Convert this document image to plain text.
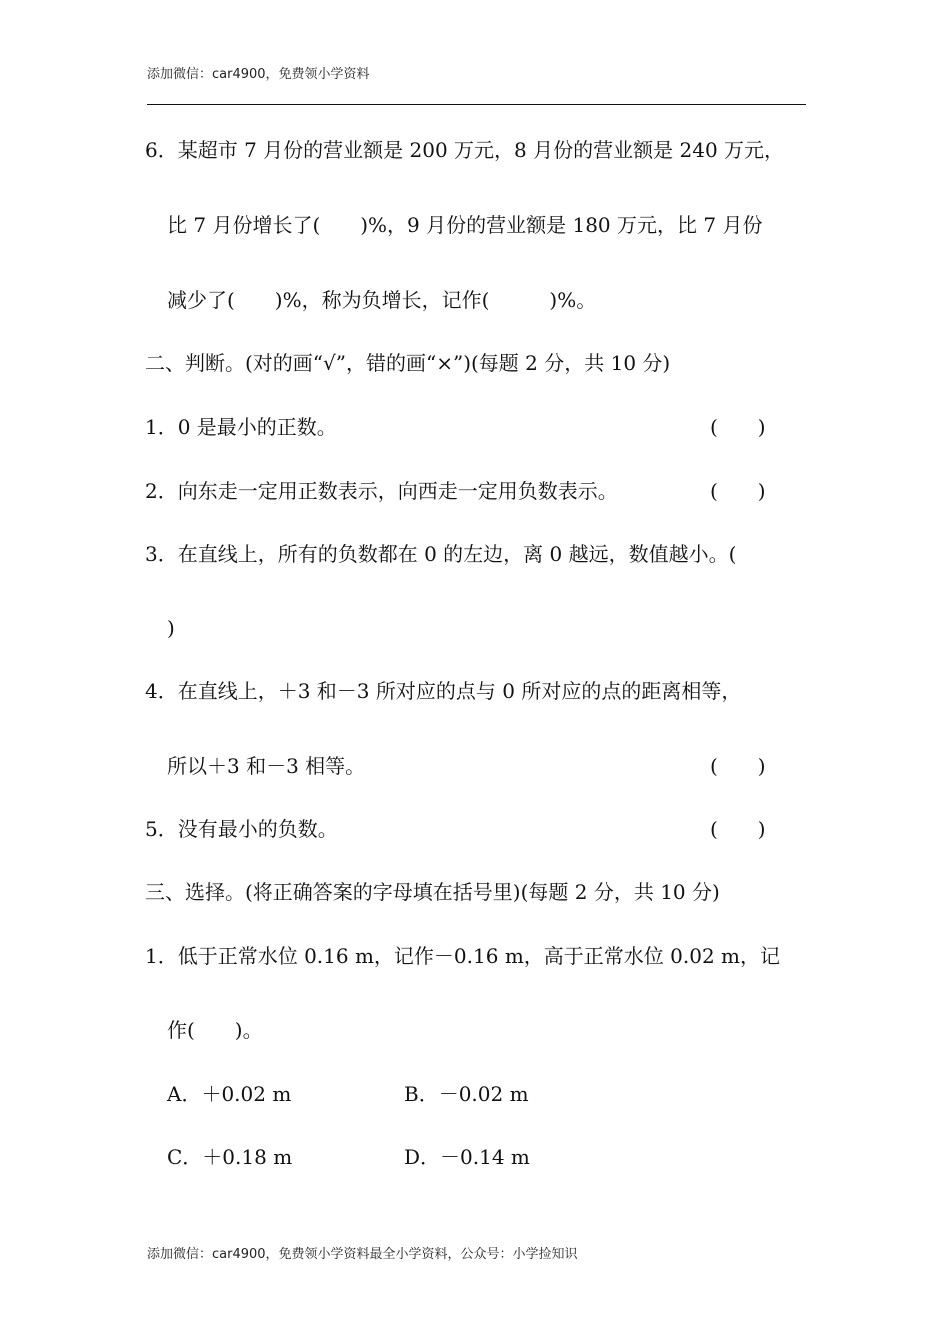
添加微信：car4900，免费领小学资料
6．某超市 7 月份的营业额是 200 万元，8 月份的营业额是 240 万元，
比 7 月份增长了(　　)%，9 月份的营业额是 180 万元，比 7 月份
减少了(　　)%，称为负增长，记作(　　　)%。
二、判断。(对的画“√”，错的画“×”)(每题 2 分，共 10 分)
1．0 是最小的正数。	(　　)
2．向东走一定用正数表示，向西走一定用负数表示。	(　　)
3．在直线上，所有的负数都在 0 的左边，离 0 越远，数值越小。(
)
4．在直线上，＋3 和－3 所对应的点与 0 所对应的点的距离相等，
所以＋3 和－3 相等。	(　　)
5．没有最小的负数。	(　　)
三、选择。(将正确答案的字母填在括号里)(每题 2 分，共 10 分)
1．低于正常水位 0.16 m，记作－0.16 m，高于正常水位 0.02 m，记
作(　　)。
A．＋0.02 m	B．－0.02 m
C．＋0.18 m	D．－0.14 m
添加微信：car4900，免费领小学资料最全小学资料，公众号：小学捡知识
